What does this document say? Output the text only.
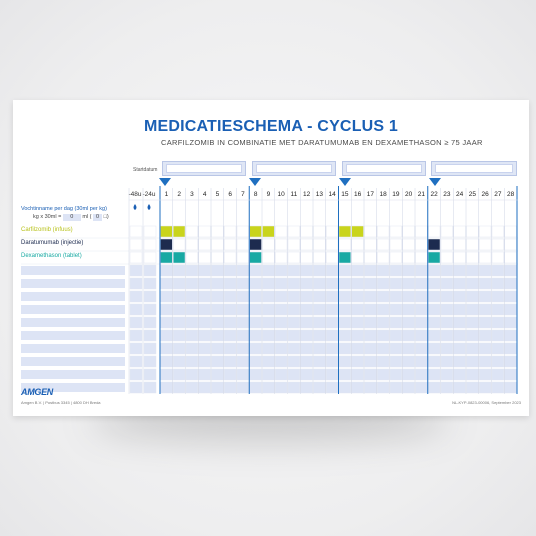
MEDICATIESCHEMA - CYCLUS 1
CARFILZOMIB IN COMBINATIE MET DARATUMUMAB EN DEXAMETHASON ≥ 75 JAAR
Startdatum
Vochtinname per dag (30ml per kg)
kg x 30ml = 0 ml ( 0 □)
Carfilzomib (infuus)
Daratumumab (injectie)
Dexamethason (tablet)
-48u -24u 1 2 3 4 5 6 7 8 9 10 11 12 13 14 15 16 17 18 19 20 21 22 23 24 25 26 27 28
AMGEN
Amgen B.V. | Postbus 3345 | 4800 DH Breda	NL-KYP-0823-00006, September 2023
